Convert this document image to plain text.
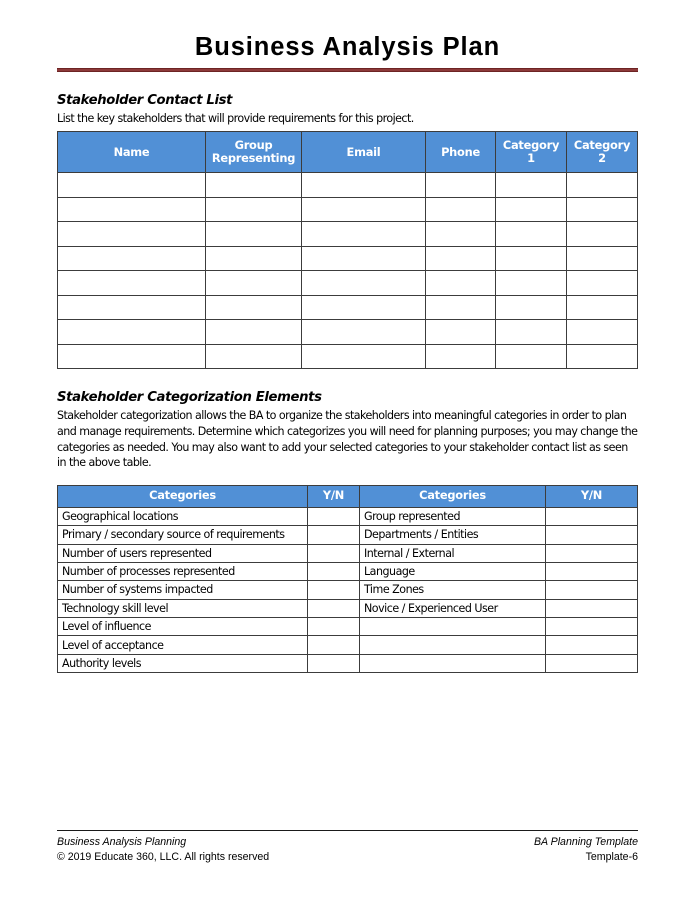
Business Analysis Plan
Stakeholder Contact List
List the key stakeholders that will provide requirements for this project.
Name	Group Representing	Email	Phone	Category 1	Category 2

Stakeholder Categorization Elements
Stakeholder categorization allows the BA to organize the stakeholders into meaningful categories in order to plan and manage requirements. Determine which categorizes you will need for planning purposes; you may change the categories as needed. You may also want to add your selected categories to your stakeholder contact list as seen in the above table.
Categories	Y/N	Categories	Y/N
Geographical locations		Group represented	
Primary / secondary source of requirements		Departments / Entities	
Number of users represented		Internal / External	
Number of processes represented		Language	
Number of systems impacted		Time Zones	
Technology skill level		Novice / Experienced User	
Level of influence			
Level of acceptance			
Authority levels			
Business Analysis Planning	BA Planning Template
© 2019 Educate 360, LLC. All rights reserved	Template-6
